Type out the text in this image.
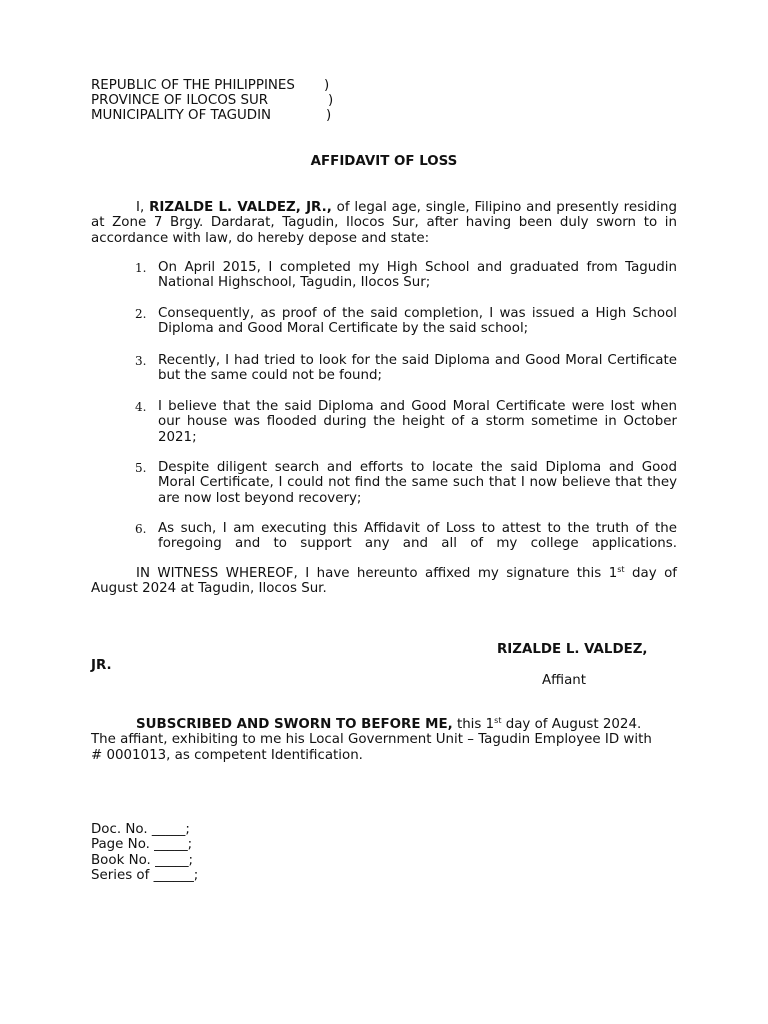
REPUBLIC OF THE PHILIPPINES )
PROVINCE OF ILOCOS SUR	)
MUNICIPALITY OF TAGUDIN	)
AFFIDAVIT OF LOSS
I, RIZALDE L. VALDEZ, JR., of legal age, single, Filipino and presently residing at Zone 7 Brgy. Dardarat, Tagudin, Ilocos Sur, after having been duly sworn to in accordance with law, do hereby depose and state:
1. On April 2015, I completed my High School and graduated from Tagudin National Highschool, Tagudin, Ilocos Sur;
2. Consequently, as proof of the said completion, I was issued a High School Diploma and Good Moral Certificate by the said school;
3. Recently, I had tried to look for the said Diploma and Good Moral Certificate but the same could not be found;
4. I believe that the said Diploma and Good Moral Certificate were lost when our house was flooded during the height of a storm sometime in October 2021;
5. Despite diligent search and efforts to locate the said Diploma and Good Moral Certificate, I could not find the same such that I now believe that they are now lost beyond recovery;
6. As such, I am executing this Affidavit of Loss to attest to the truth of the foregoing and to support any and all of my college applications.
IN WITNESS WHEREOF, I have hereunto affixed my signature this 1st day of August 2024 at Tagudin, Ilocos Sur.
RIZALDE L. VALDEZ,
JR.
Affiant
SUBSCRIBED AND SWORN TO BEFORE ME, this 1st day of August 2024. The affiant, exhibiting to me his Local Government Unit – Tagudin Employee ID with # 0001013, as competent Identification.
Doc. No. _____;
Page No. _____;
Book No. _____;
Series of ______;
